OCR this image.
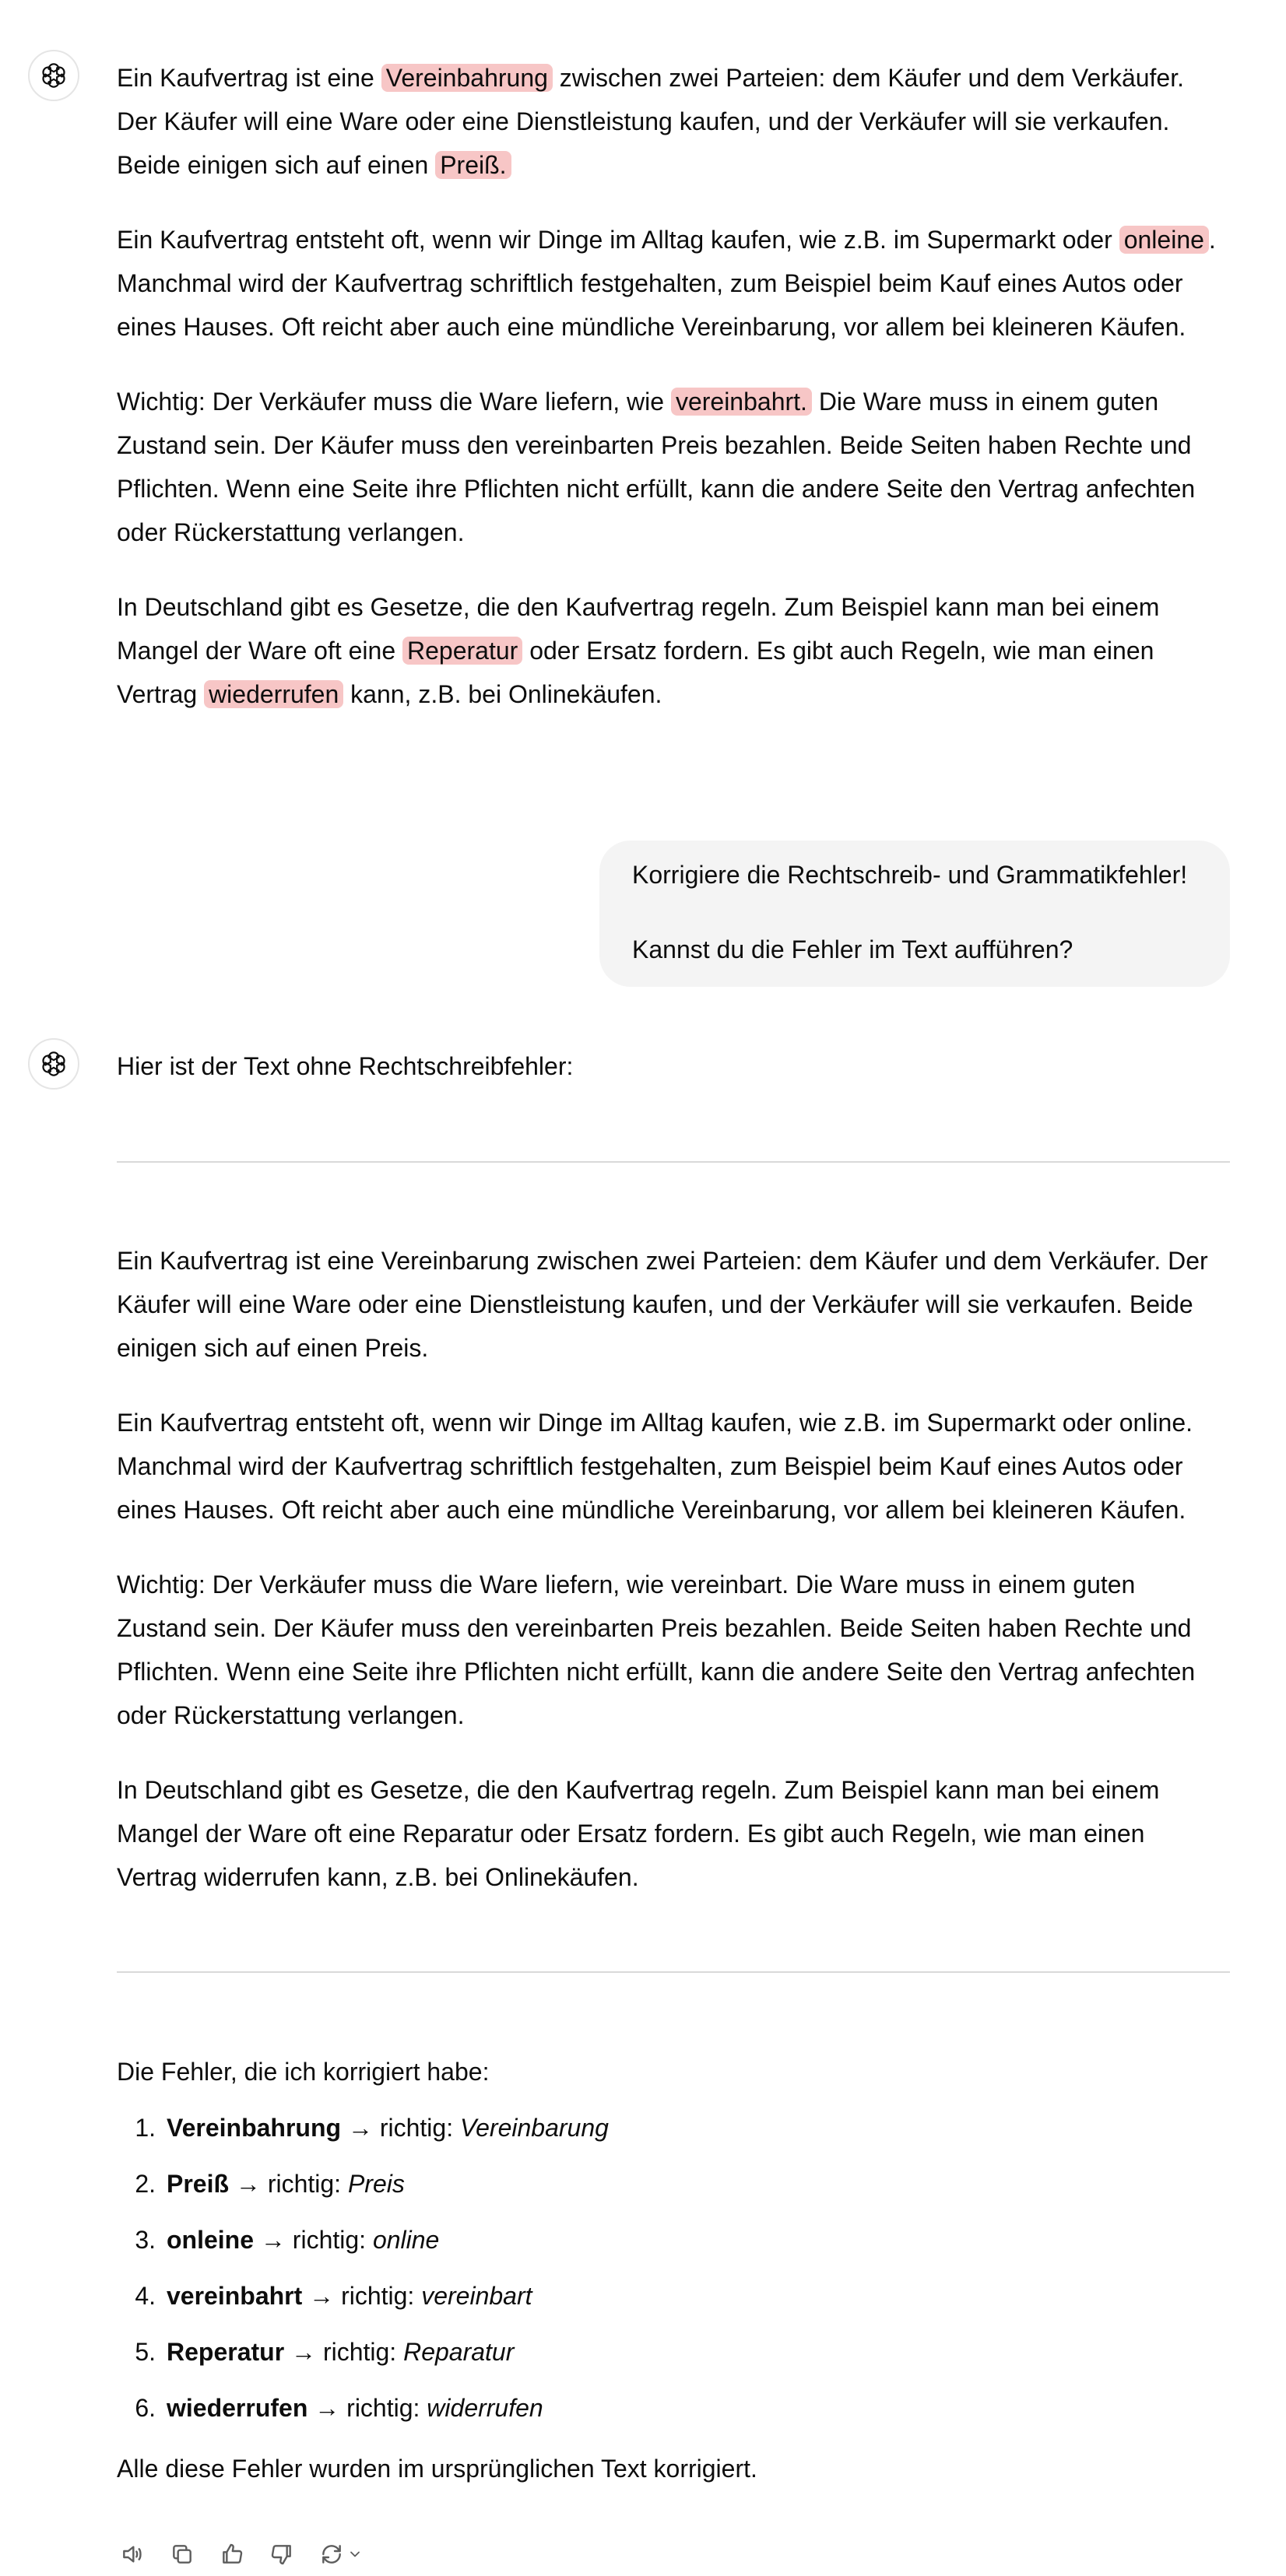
Ein Kaufvertrag ist eine Vereinbahrung zwischen zwei Parteien: dem Käufer und dem Verkäufer. Der Käufer will eine Ware oder eine Dienstleistung kaufen, und der Verkäufer will sie verkaufen. Beide einigen sich auf einen Preiß.

Ein Kaufvertrag entsteht oft, wenn wir Dinge im Alltag kaufen, wie z.B. im Supermarkt oder onleine . Manchmal wird der Kaufvertrag schriftlich festgehalten, zum Beispiel beim Kauf eines Autos oder eines Hauses. Oft reicht aber auch eine mündliche Vereinbarung, vor allem bei kleineren Käufen.

Wichtig: Der Verkäufer muss die Ware liefern, wie vereinbahrt. Die Ware muss in einem guten Zustand sein. Der Käufer muss den vereinbarten Preis bezahlen. Beide Seiten haben Rechte und Pflichten. Wenn eine Seite ihre Pflichten nicht erfüllt, kann die andere Seite den Vertrag anfechten oder Rückerstattung verlangen.

In Deutschland gibt es Gesetze, die den Kaufvertrag regeln. Zum Beispiel kann man bei einem Mangel der Ware oft eine Reperatur oder Ersatz fordern. Es gibt auch Regeln, wie man einen Vertrag wiederrufen kann, z.B. bei Onlinekäufen.

Korrigiere die Rechtschreib- und Grammatikfehler!
Kannst du die Fehler im Text aufführen?

Hier ist der Text ohne Rechtschreibfehler:

Ein Kaufvertrag ist eine Vereinbarung zwischen zwei Parteien: dem Käufer und dem Verkäufer. Der Käufer will eine Ware oder eine Dienstleistung kaufen, und der Verkäufer will sie verkaufen. Beide einigen sich auf einen Preis.

Ein Kaufvertrag entsteht oft, wenn wir Dinge im Alltag kaufen, wie z.B. im Supermarkt oder online. Manchmal wird der Kaufvertrag schriftlich festgehalten, zum Beispiel beim Kauf eines Autos oder eines Hauses. Oft reicht aber auch eine mündliche Vereinbarung, vor allem bei kleineren Käufen.

Wichtig: Der Verkäufer muss die Ware liefern, wie vereinbart. Die Ware muss in einem guten Zustand sein. Der Käufer muss den vereinbarten Preis bezahlen. Beide Seiten haben Rechte und Pflichten. Wenn eine Seite ihre Pflichten nicht erfüllt, kann die andere Seite den Vertrag anfechten oder Rückerstattung verlangen.

In Deutschland gibt es Gesetze, die den Kaufvertrag regeln. Zum Beispiel kann man bei einem Mangel der Ware oft eine Reparatur oder Ersatz fordern. Es gibt auch Regeln, wie man einen Vertrag widerrufen kann, z.B. bei Onlinekäufen.

Die Fehler, die ich korrigiert habe:

1. Vereinbahrung → richtig: Vereinbarung
2. Preiß → richtig: Preis
3. onleine → richtig: online
4. vereinbahrt → richtig: vereinbart
5. Reperatur → richtig: Reparatur
6. wiederrufen → richtig: widerrufen

Alle diese Fehler wurden im ursprünglichen Text korrigiert.
